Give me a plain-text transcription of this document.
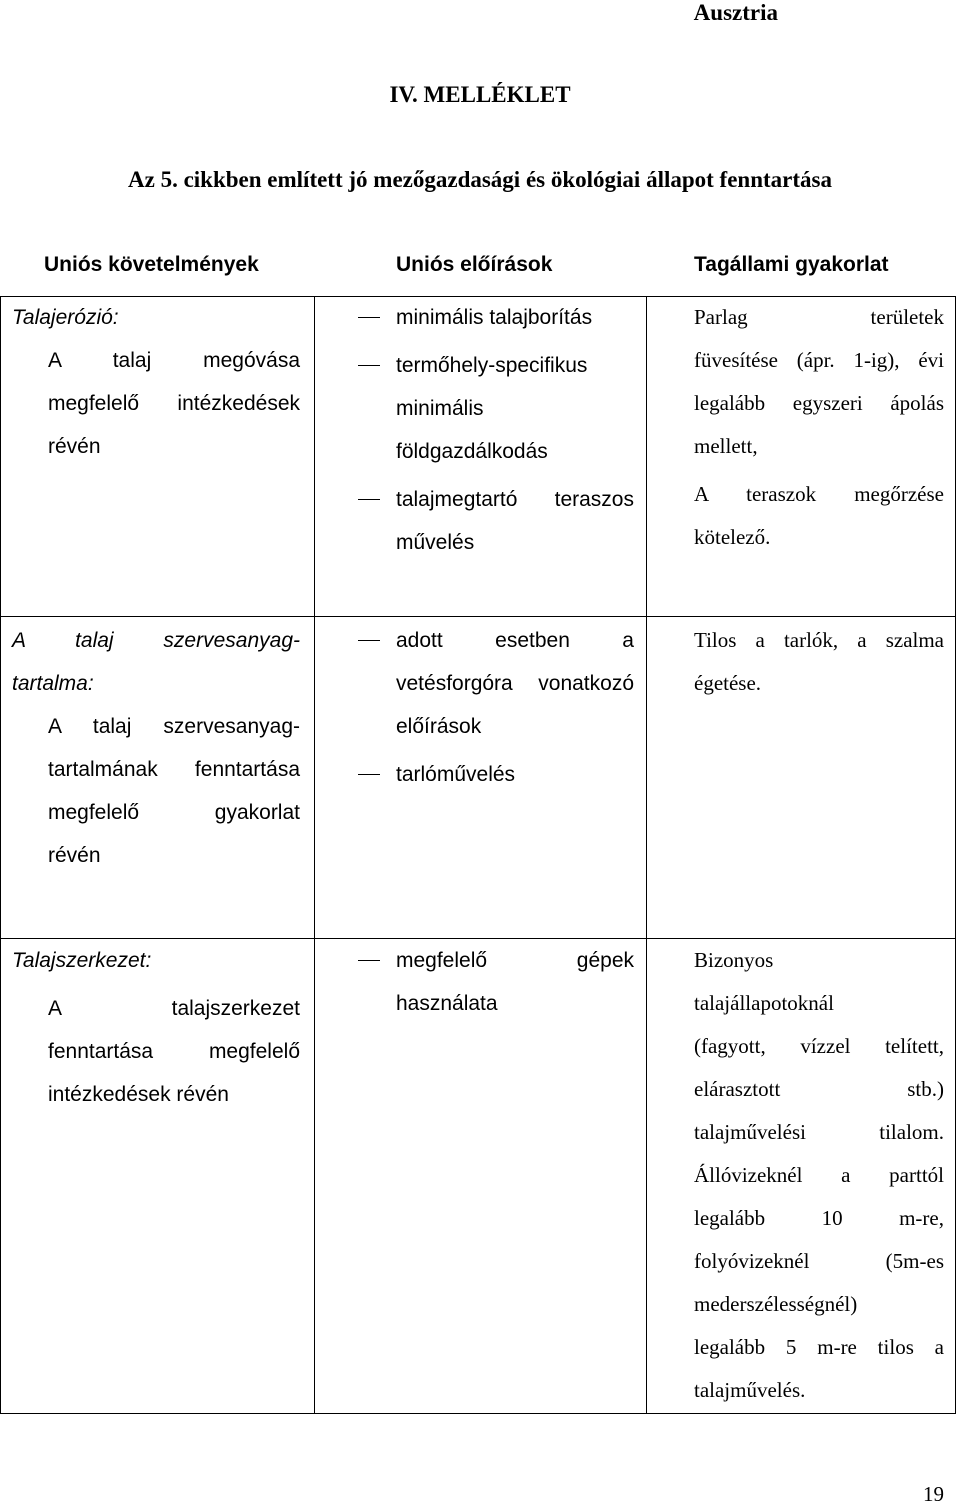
Ausztria
IV. MELLÉKLET
Az 5. cikkben említett jó mezőgazdasági és ökológiai állapot fenntartása
Uniós követelmények	Uniós előírások	Tagállami gyakorlat
Talajerózió:
A talaj megóvása
megfelelő intézkedések
révén
minimális talajborítás
termőhely-specifikus
minimális
földgazdálkodás
talajmegtartó teraszos
művelés
Parlag területek
füvesítése (ápr. 1-ig), évi
legalább egyszeri ápolás
mellett,
A teraszok megőrzése
kötelező.
A talaj szervesanyag-
tartalma:
A talaj szervesanyag-
tartalmának fenntartása
megfelelő gyakorlat
révén
adott esetben a
vetésforgóra vonatkozó
előírások
tarlóművelés
Tilos a tarlók, a szalma
égetése.
Talajszerkezet:
A talajszerkezet
fenntartása megfelelő
intézkedések révén
megfelelő gépek
használata
Bizonyos
talajállapotoknál
(fagyott, vízzel telített,
elárasztott stb.)
talajművelési tilalom.
Állóvizeknél a parttól
legalább 10 m-re,
folyóvizeknél (5m-es
mederszélességnél)
legalább 5 m-re tilos a
talajművelés.
19
